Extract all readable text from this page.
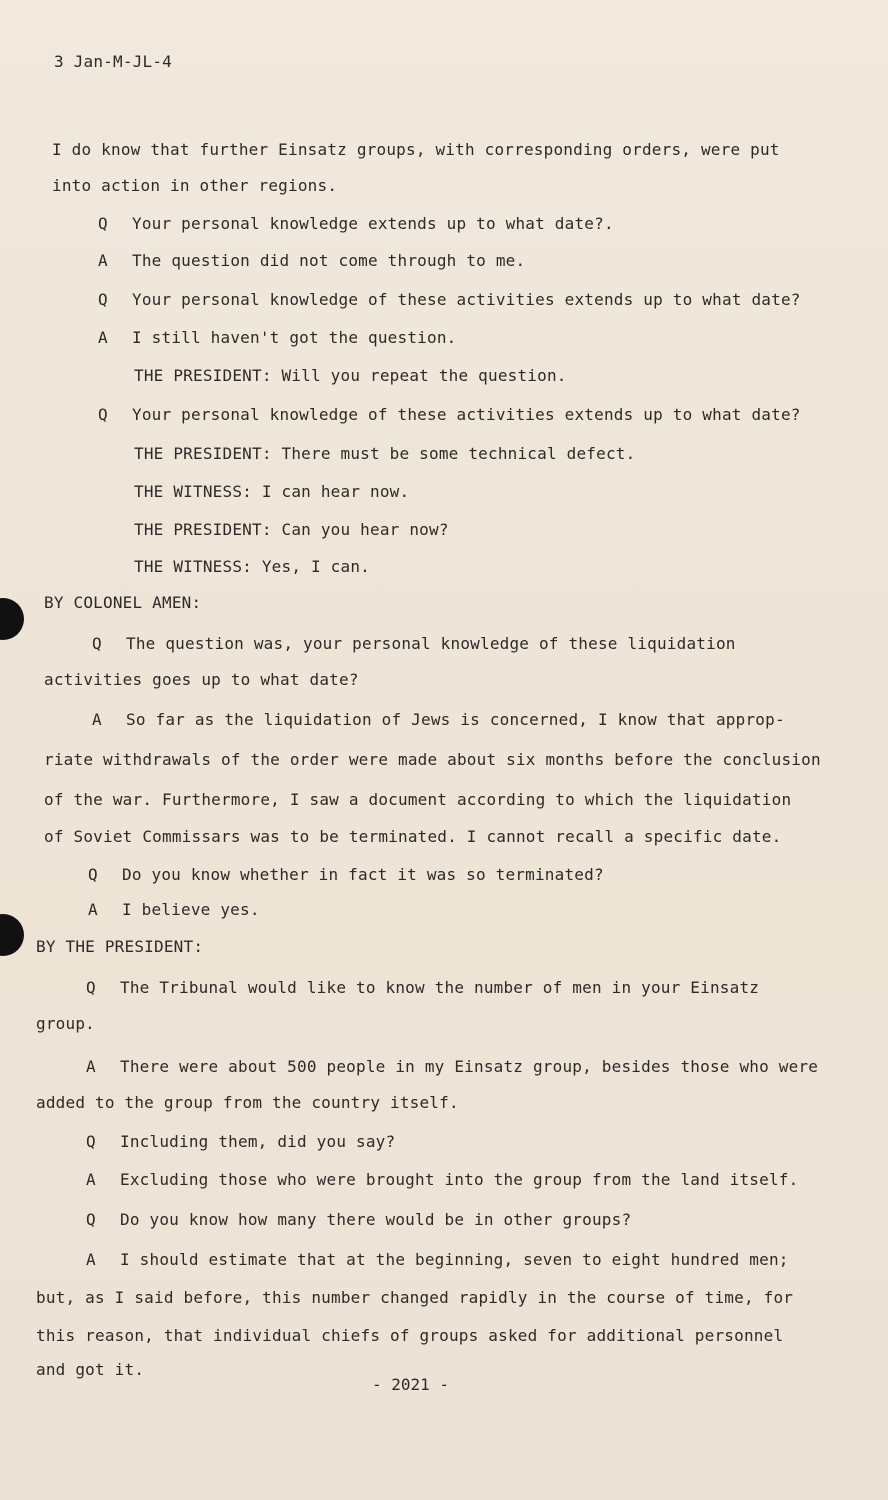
3 Jan-M-JL-4
I do know that further Einsatz groups, with corresponding orders, were put
into action in other regions.
Q Your personal knowledge extends up to what date?.
A The question did not come through to me.
Q Your personal knowledge of these activities extends up to what date?
A I still haven't got the question.
THE PRESIDENT: Will you repeat the question.
Q Your personal knowledge of these activities extends up to what date?
THE PRESIDENT: There must be some technical defect.
THE WITNESS: I can hear now.
THE PRESIDENT: Can you hear now?
THE WITNESS: Yes, I can.
BY COLONEL AMEN:
Q The question was, your personal knowledge of these liquidation
activities goes up to what date?
A So far as the liquidation of Jews is concerned, I know that approp-
riate withdrawals of the order were made about six months before the conclusion
of the war. Furthermore, I saw a document according to which the liquidation
of Soviet Commissars was to be terminated. I cannot recall a specific date.
Q Do you know whether in fact it was so terminated?
A I believe yes.
BY THE PRESIDENT:
Q The Tribunal would like to know the number of men in your Einsatz
group.
A There were about 500 people in my Einsatz group, besides those who were
added to the group from the country itself.
Q Including them, did you say?
A Excluding those who were brought into the group from the land itself.
Q Do you know how many there would be in other groups?
A I should estimate that at the beginning, seven to eight hundred men;
but, as I said before, this number changed rapidly in the course of time, for
this reason, that individual chiefs of groups asked for additional personnel
and got it.
- 2021 -
